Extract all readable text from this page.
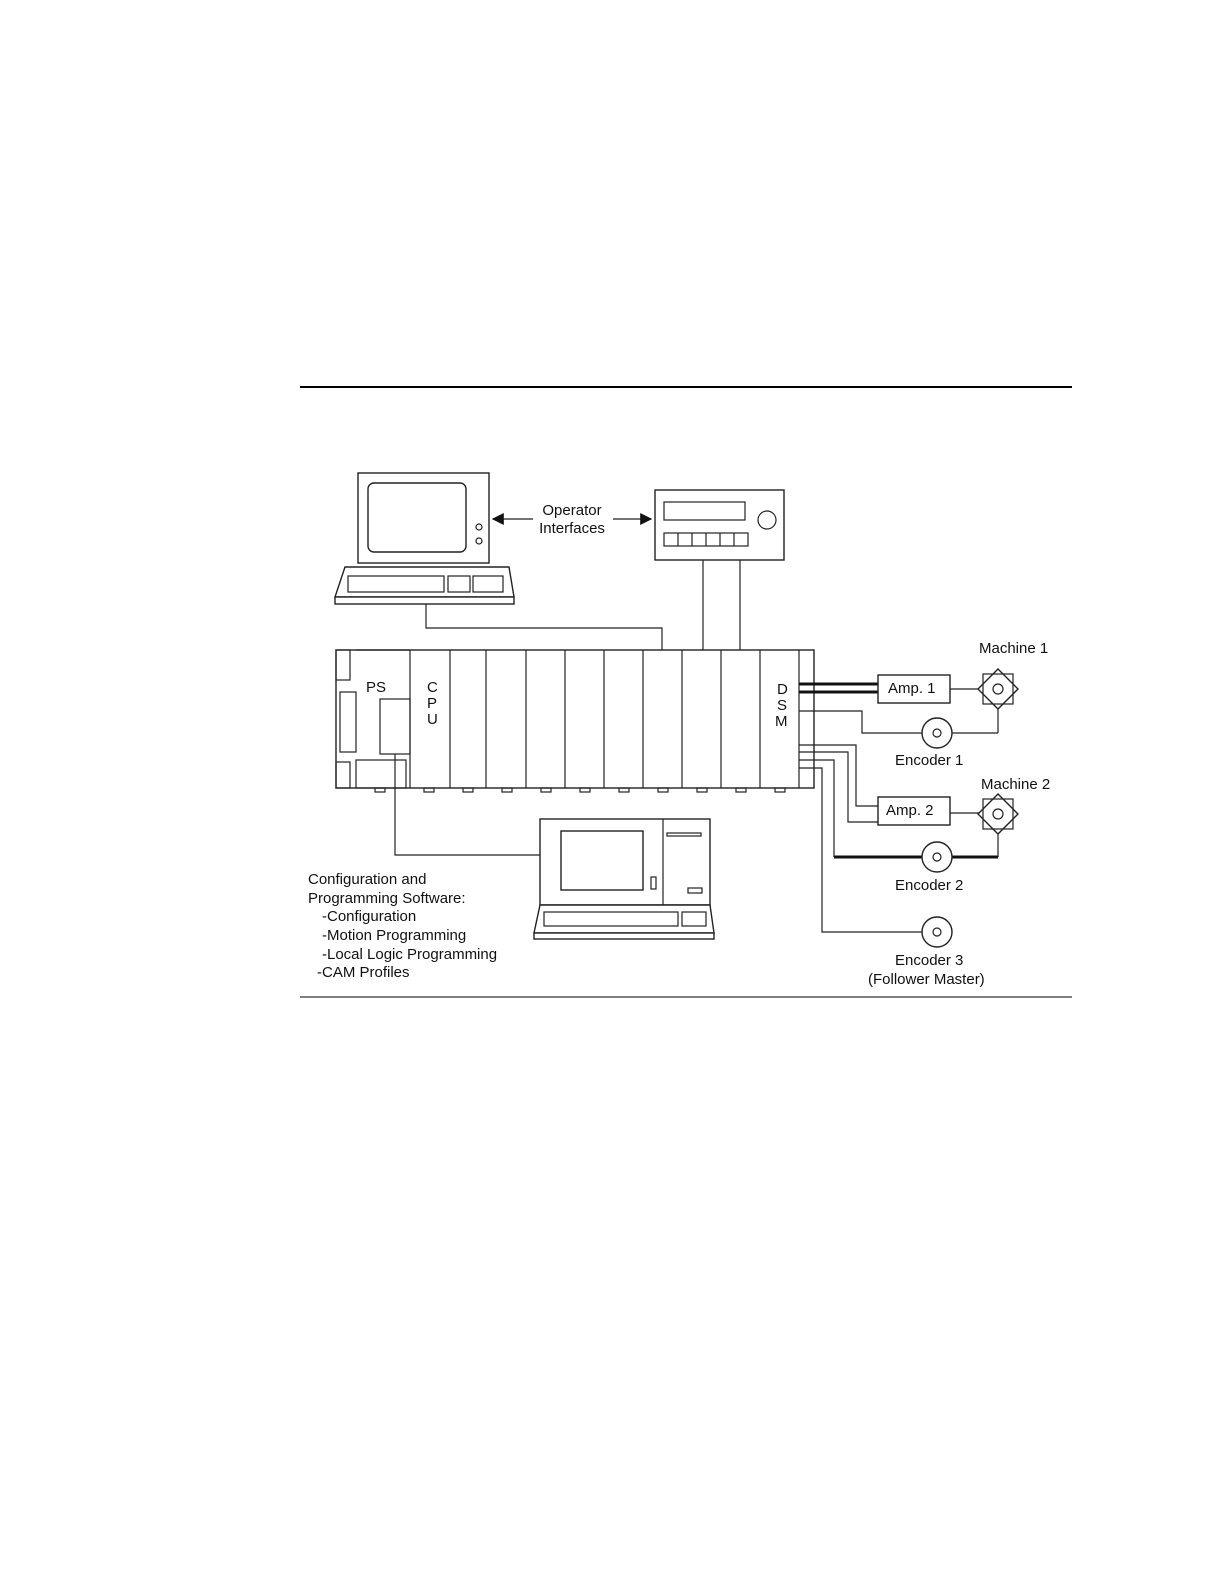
PS	C
P
U
D
S
M
Configuration and
Programming Software:
-Configuration
-Motion Programming
-Local Logic Programming
-CAM Profiles
Operator
Interfaces
Amp. 1
Machine 1
Encoder 1
Amp. 2
Machine 2
Encoder 2
Encoder 3
(Follower Master)
